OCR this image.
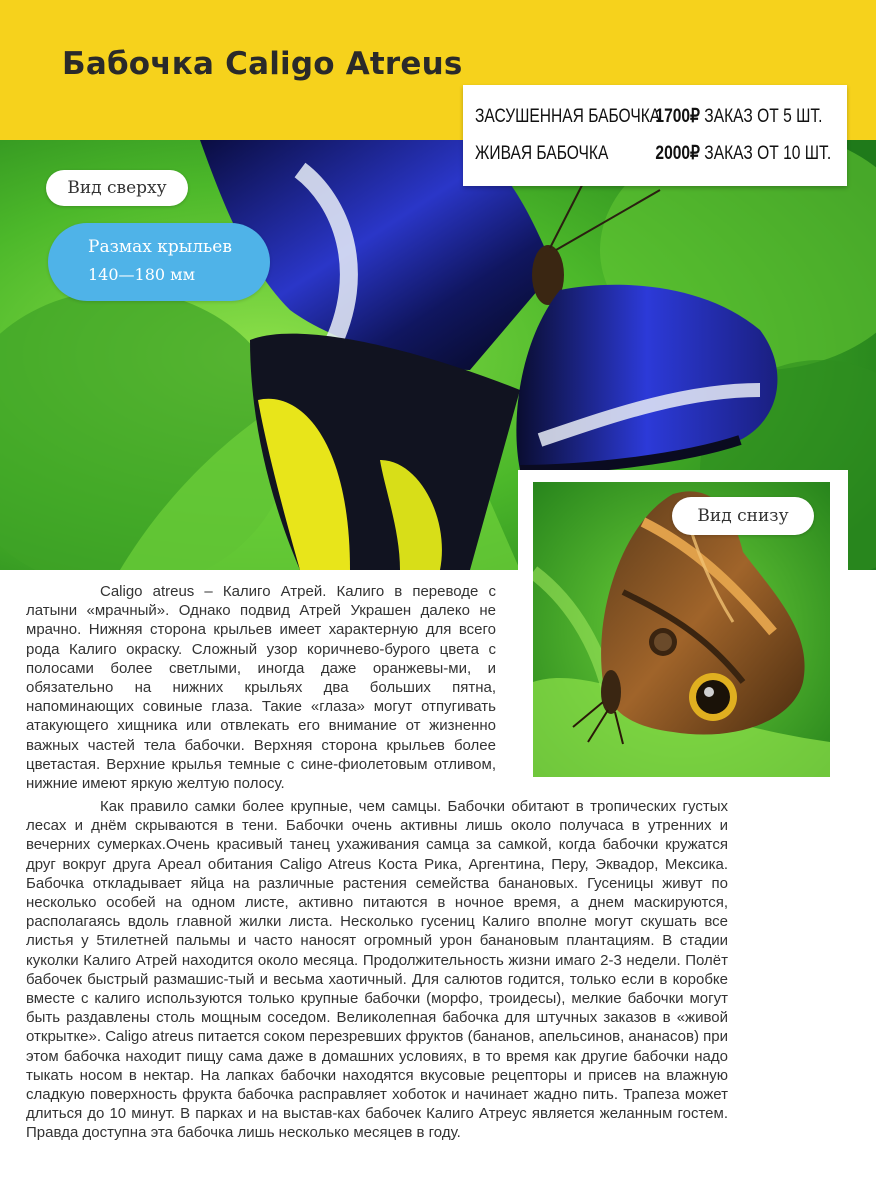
Бабочка Caligo Atreus
ЗАСУШЕННАЯ БАБОЧКА1700₽ ЗАКАЗ ОТ 5 ШТ.
ЖИВАЯ БАБОЧКА 2000₽ ЗАКАЗ ОТ 10 ШТ.
Вид сверху
Размах крыльев
140—180 мм
Вид снизу
Caligo atreus – Калиго Атрей. Калиго в переводе с латыни «мрачный». Однако подвид Атрей Украшен далеко не мрачно. Нижняя сторона крыльев имеет характерную для всего рода Калиго окраску. Сложный узор коричнево-бурого цвета с полосами более светлыми, иногда даже оранжевы-ми, и обязательно на нижних крыльях два больших пятна, напоминающих совиные глаза. Такие «глаза» могут отпугивать атакующего хищника или отвлекать его внимание от жизненно важных частей тела бабочки. Верхняя сторона крыльев более цветастая. Верхние крылья темные с сине-фиолетовым отливом, нижние имеют яркую желтую полосу.
Как правило самки более крупные, чем самцы. Бабочки обитают в тропических густых лесах и днём скрываются в тени. Бабочки очень активны лишь около получаса в утренних и вечерних сумерках.Очень красивый танец ухаживания самца за самкой, когда бабочки кружатся друг вокруг друга Ареал обитания Caligo Atreus Коста Рика, Аргентина, Перу, Эквадор, Мексика. Бабочка откладывает яйца на различные растения семейства банановых. Гусеницы живут по несколько особей на одном листе, активно питаются в ночное время, а днем маскируются, располагаясь вдоль главной жилки листа. Несколько гусениц Калиго вполне могут скушать все листья у 5тилетней пальмы и часто наносят огромный урон банановым плантациям. В стадии куколки Калиго Атрей находится около месяца. Продолжительность жизни имаго 2-3 недели. Полёт бабочек быстрый размашис-тый и весьма хаотичный. Для салютов годится, только если в коробке вместе с калиго используются только крупные бабочки (морфо, троидесы), мелкие бабочки могут быть раздавлены столь мощным соседом. Великолепная бабочка для штучных заказов в «живой открытке». Caligo atreus питается соком перезревших фруктов (бананов, апельсинов, ананасов) при этом бабочка находит пищу сама даже в домашних условиях, в то время как другие бабочки надо тыкать носом в нектар. На лапках бабочки находятся вкусовые рецепторы и присев на влажную сладкую поверхность фрукта бабочка расправляет хоботок и начинает жадно пить. Трапеза может длиться до 10 минут. В парках и на выстав-ках бабочек Калиго Атреус является желанным гостем. Правда доступна эта бабочка лишь несколько месяцев в году.
